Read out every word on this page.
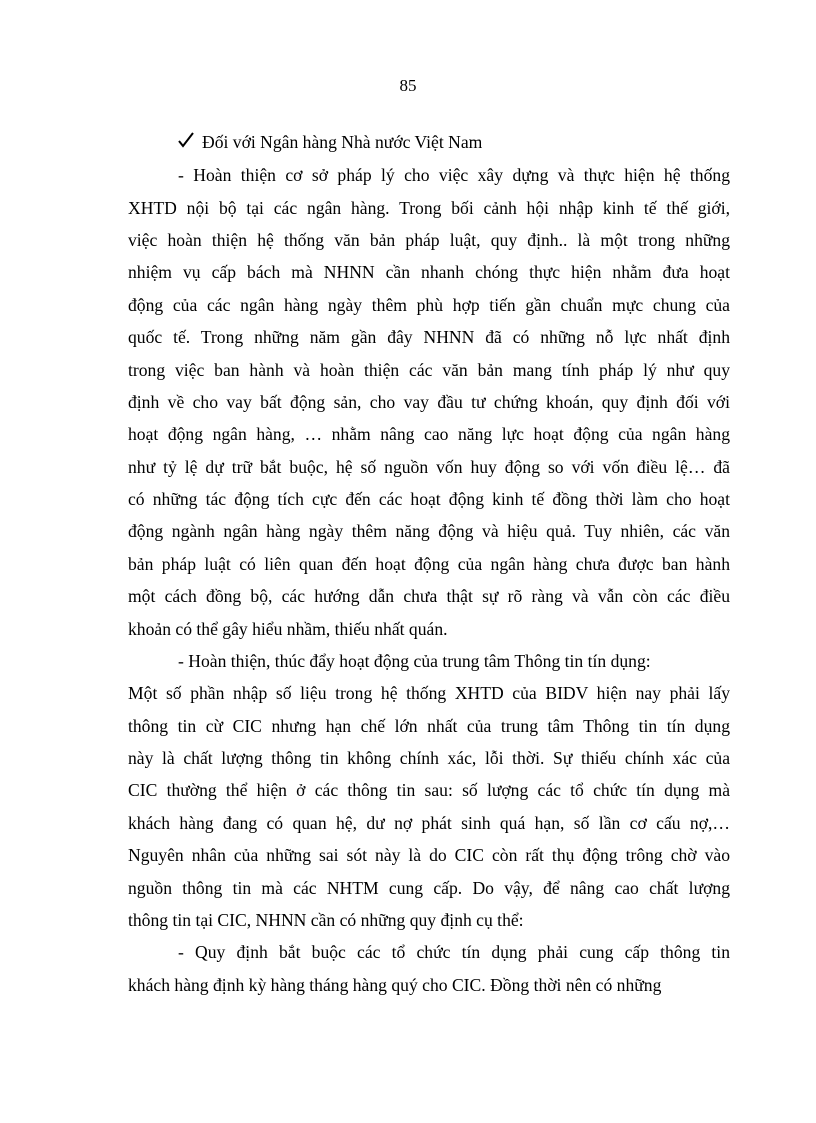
85
Đối với Ngân hàng Nhà nước Việt Nam
- Hoàn thiện cơ sở pháp lý cho việc xây dựng và thực hiện hệ thống
XHTD nội bộ tại các ngân hàng. Trong bối cảnh hội nhập kinh tế thế giới,
việc hoàn thiện hệ thống văn bản pháp luật, quy định.. là một trong những
nhiệm vụ cấp bách mà NHNN cần nhanh chóng thực hiện nhằm đưa hoạt
động của các ngân hàng ngày thêm phù hợp tiến gần chuẩn mực chung của
quốc tế. Trong những năm gần đây NHNN đã có những nỗ lực nhất định
trong việc ban hành và hoàn thiện các văn bản mang tính pháp lý như quy
định về cho vay bất động sản, cho vay đầu tư chứng khoán, quy định đối với
hoạt động ngân hàng, … nhằm nâng cao năng lực hoạt động của ngân hàng
như tỷ lệ dự trữ bắt buộc, hệ số nguồn vốn huy động so với vốn điều lệ… đã
có những tác động tích cực đến các hoạt động kinh tế đồng thời làm cho hoạt
động ngành ngân hàng ngày thêm năng động và hiệu quả. Tuy nhiên, các văn
bản pháp luật có liên quan đến hoạt động của ngân hàng chưa được ban hành
một cách đồng bộ, các hướng dẫn chưa thật sự rõ ràng và vẫn còn các điều
khoản có thể gây hiểu nhầm, thiếu nhất quán.
- Hoàn thiện, thúc đẩy hoạt động của trung tâm Thông tin tín dụng:
Một số phần nhập số liệu trong hệ thống XHTD của BIDV hiện nay phải lấy
thông tin cừ CIC nhưng hạn chế lớn nhất của trung tâm Thông tin tín dụng
này là chất lượng thông tin không chính xác, lỗi thời. Sự thiếu chính xác của
CIC thường thể hiện ở các thông tin sau: số lượng các tổ chức tín dụng mà
khách hàng đang có quan hệ, dư nợ phát sinh quá hạn, số lần cơ cấu nợ,…
Nguyên nhân của những sai sót này là do CIC còn rất thụ động trông chờ vào
nguồn thông tin mà các NHTM cung cấp. Do vậy, để nâng cao chất lượng
thông tin tại CIC, NHNN cần có những quy định cụ thể:
- Quy định bắt buộc các tổ chức tín dụng phải cung cấp thông tin
khách hàng định kỳ hàng tháng hàng quý cho CIC. Đồng thời nên có những
